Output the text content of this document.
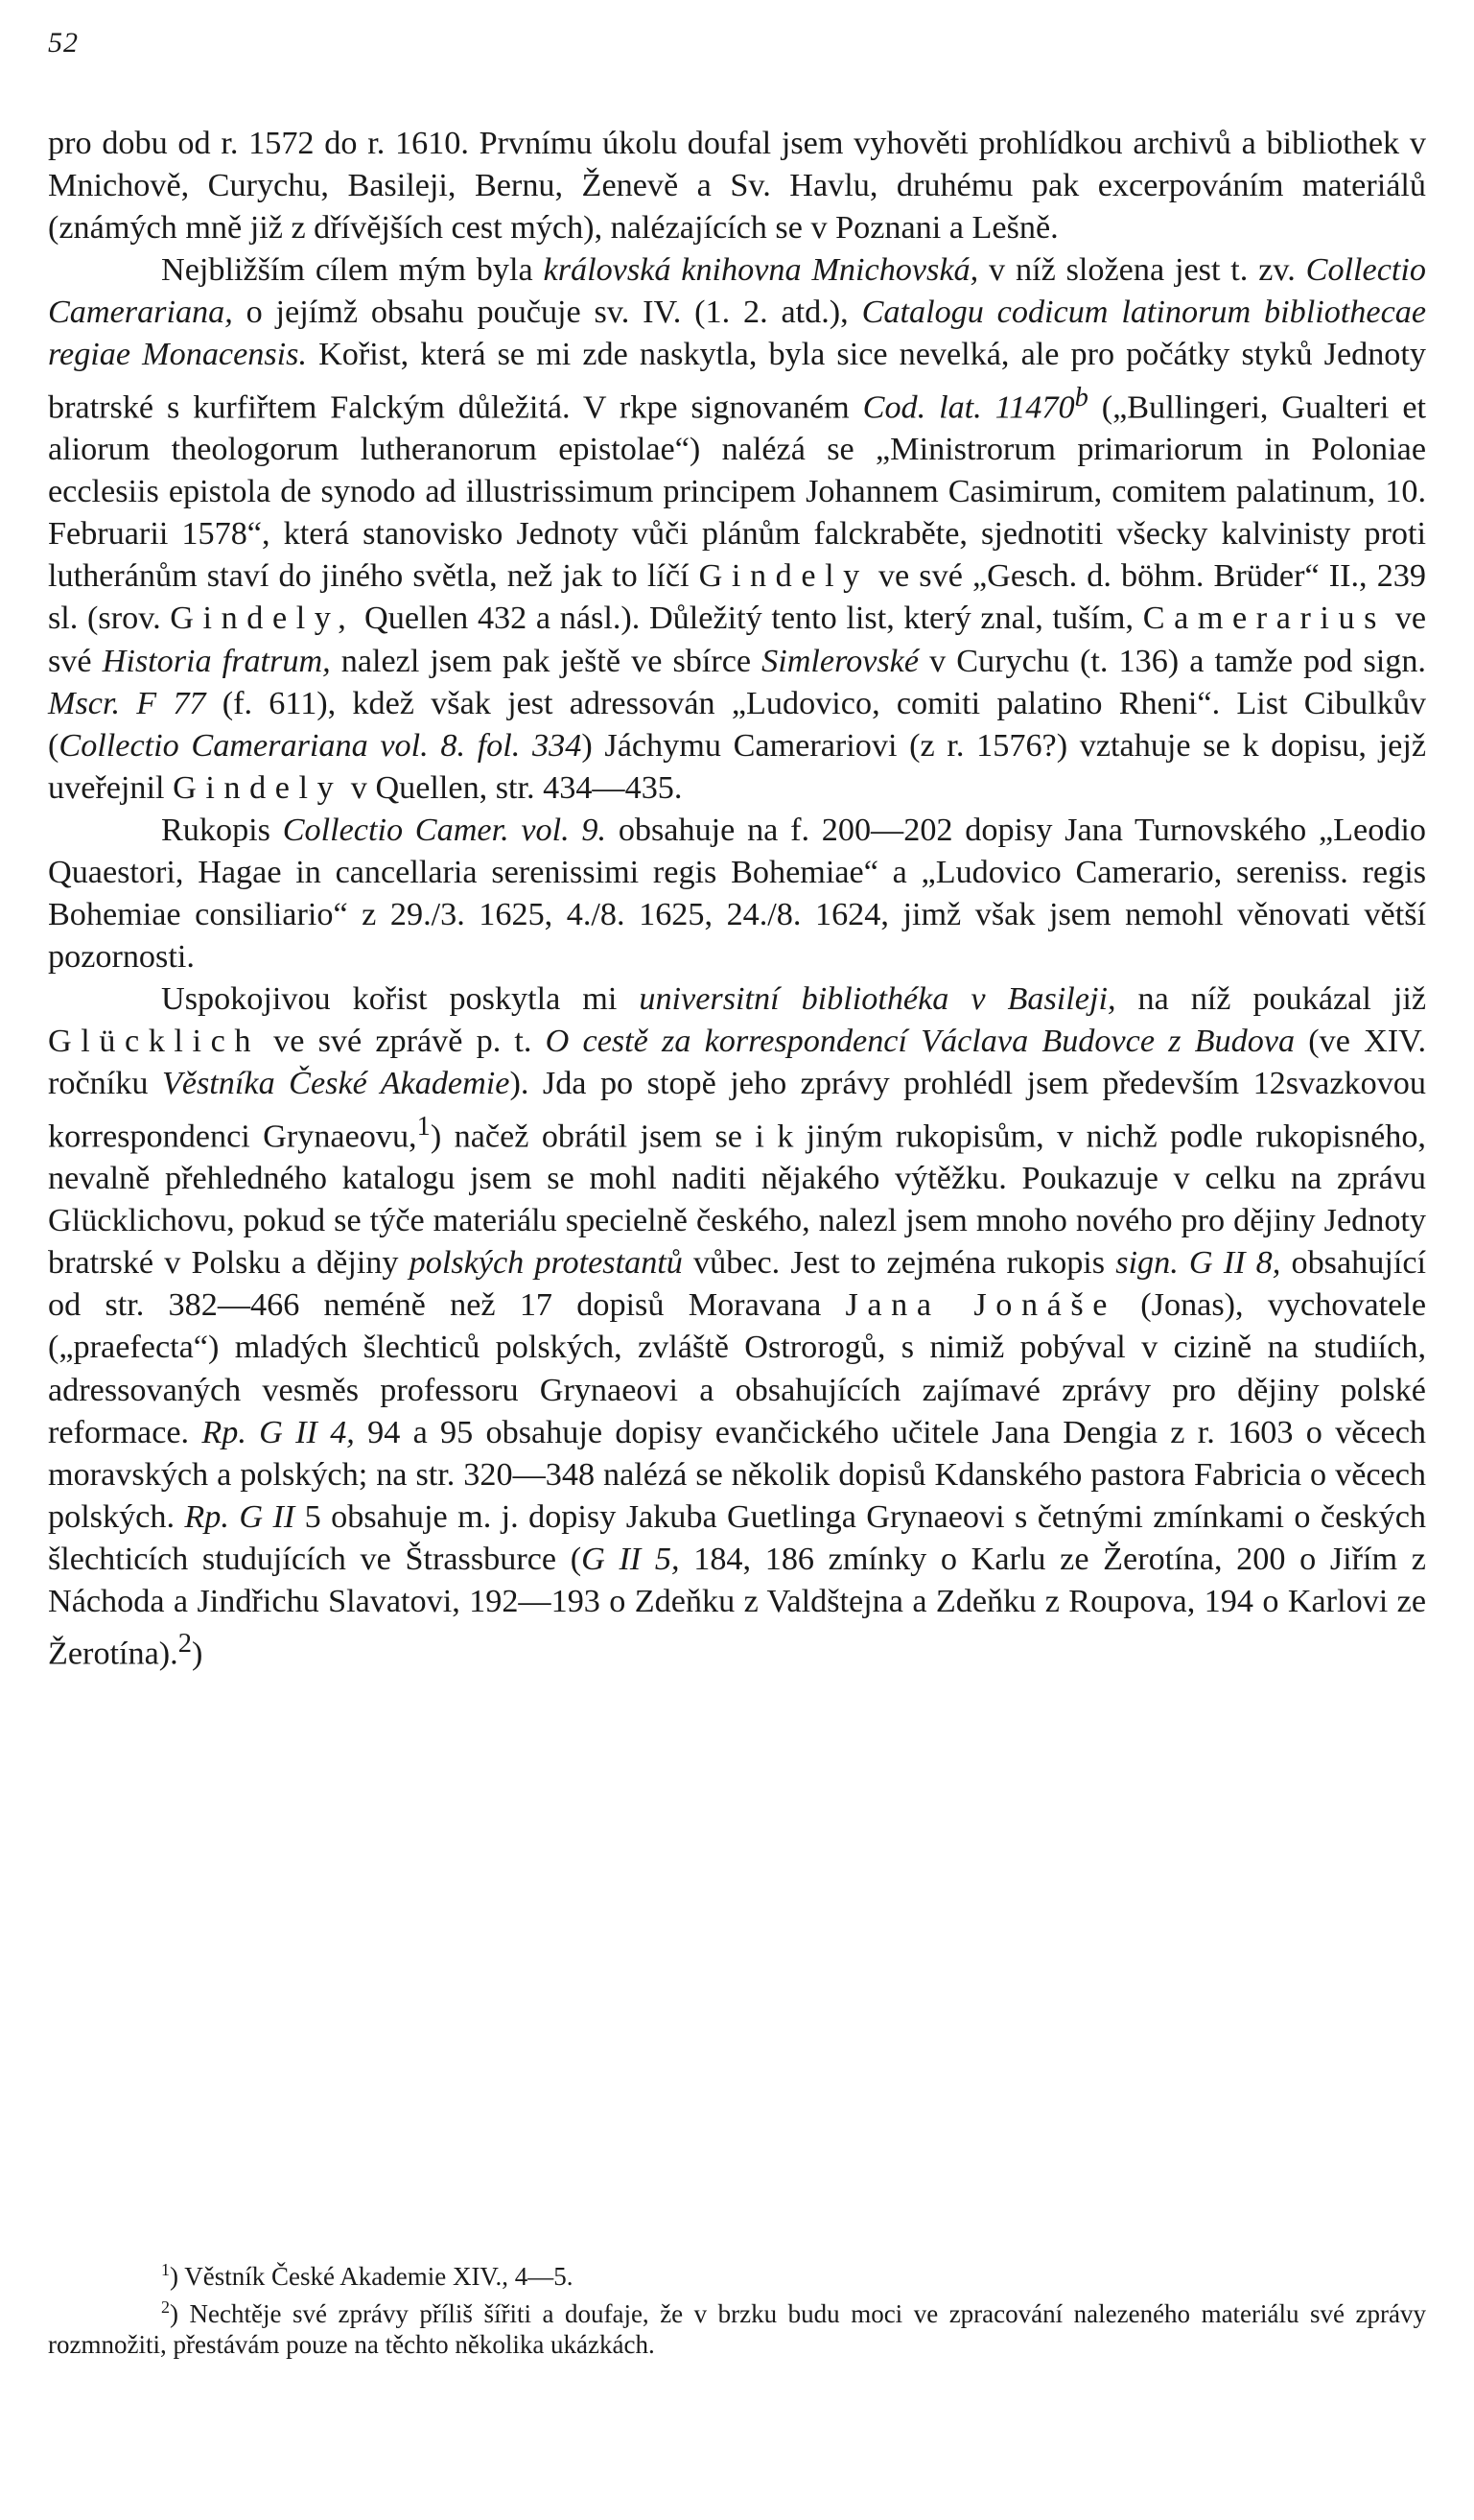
52

pro dobu od r. 1572 do r. 1610. Prvnímu úkolu doufal jsem vyhověti prohlídkou archivů a bibliothek v Mnichově, Curychu, Basileji, Bernu, Ženevě a Sv. Havlu, druhému pak excerpováním materiálů (známých mně již z dřívějších cest mých), nalézajících se v Poznani a Lešně.

Nejbližším cílem mým byla královská knihovna Mnichovská, v níž složena jest t. zv. Collectio Camerariana, o jejímž obsahu poučuje sv. IV. (1. 2. atd.), Catalogu codicum latinorum bibliothecae regiae Monacensis. Kořist, která se mi zde naskytla, byla sice nevelká, ale pro počátky styků Jednoty bratrské s kurfiřtem Falckým důležitá. V rkpe signovaném Cod. lat. 11470$^b$ („Bullingeri, Gualteri et aliorum theologorum lutheranorum epistolae“) nalézá se „Ministrorum primariorum in Poloniae ecclesiis epistola de synodo ad illustrissimum principem Johannem Casimirum, comitem palatinum, 10. Februarii 1578“, která stanovisko Jednoty vůči plánům falckraběte, sjednotiti všecky kalvinisty proti lutheránům staví do jiného světla, než jak to líčí Gindely ve své „Gesch. d. böhm. Brüder“ II., 239 sl. (srov. Gindely, Quellen 432 a násl.). Důležitý tento list, který znal, tuším, Camerarius ve své Historia fratrum, nalezl jsem pak ještě ve sbírce Simlerovské v Curychu (t. 136) a tamže pod sign. Mscr. F 77 (f. 611), kdež však jest adressován „Ludovico, comiti palatino Rheni“. List Cibulkův (Collectio Camerariana vol. 8. fol. 334) Jáchymu Camerariovi (z r. 1576?) vztahuje se k dopisu, jejž uveřejnil Gindely v Quellen, str. 434—435.

Rukopis Collectio Camer. vol. 9. obsahuje na f. 200—202 dopisy Jana Turnovského „Leodio Quaestori, Hagae in cancellaria serenissimi regis Bohemiae“ a „Ludovico Camerario, sereniss. regis Bohemiae consiliario“ z 29./3. 1625, 4./8. 1625, 24./8. 1624, jimž však jsem nemohl věnovati větší pozornosti.

Uspokojivou kořist poskytla mi universitní bibliothéka v Basileji, na níž poukázal již Glücklich ve své zprávě p. t. O cestě za korrespondencí Václava Budovce z Budova (ve XIV. ročníku Věstníka České Akademie). Jda po stopě jeho zprávy prohlédl jsem především 12svazkovou korrespondenci Grynaeovu,$^1$) načež obrátil jsem se i k jiným rukopisům, v nichž podle rukopisného, nevalně přehledného katalogu jsem se mohl naditi nějakého výtěžku. Poukazuje v celku na zprávu Glücklichovu, pokud se týče materiálu specielně českého, nalezl jsem mnoho nového pro dějiny Jednoty bratrské v Polsku a dějiny polských protestantů vůbec. Jest to zejména rukopis sign. G II 8, obsahující od str. 382—466 neméně než 17 dopisů Moravana Jana Jonáše (Jonas), vychovatele („praefecta“) mladých šlechticů polských, zvláště Ostrorogů, s nimiž pobýval v cizině na studiích, adressovaných vesměs professoru Grynaeovi a obsahujících zajímavé zprávy pro dějiny polské reformace. Rp. G II 4, 94 a 95 obsahuje dopisy evančického učitele Jana Dengia z r. 1603 o věcech moravských a polských; na str. 320—348 nalézá se několik dopisů Kdanského pastora Fabricia o věcech polských. Rp. G II 5 obsahuje m. j. dopisy Jakuba Guetlinga Grynaeovi s četnými zmínkami o českých šlechticích studujících ve Štrassburce (G II 5, 184, 186 zmínky o Karlu ze Žerotína, 200 o Jiřím z Náchoda a Jindřichu Slavatovi, 192—193 o Zdeňku z Valdštejna a Zdeňku z Roupova, 194 o Karlovi ze Žerotína).$^2$)

$^1$) Věstník České Akademie XIV., 4—5.

$^2$) Nechtěje své zprávy příliš šířiti a doufaje, že v brzku budu moci ve zpracování nalezeného materiálu své zprávy rozmnožiti, přestávám pouze na těchto několika ukázkách.
